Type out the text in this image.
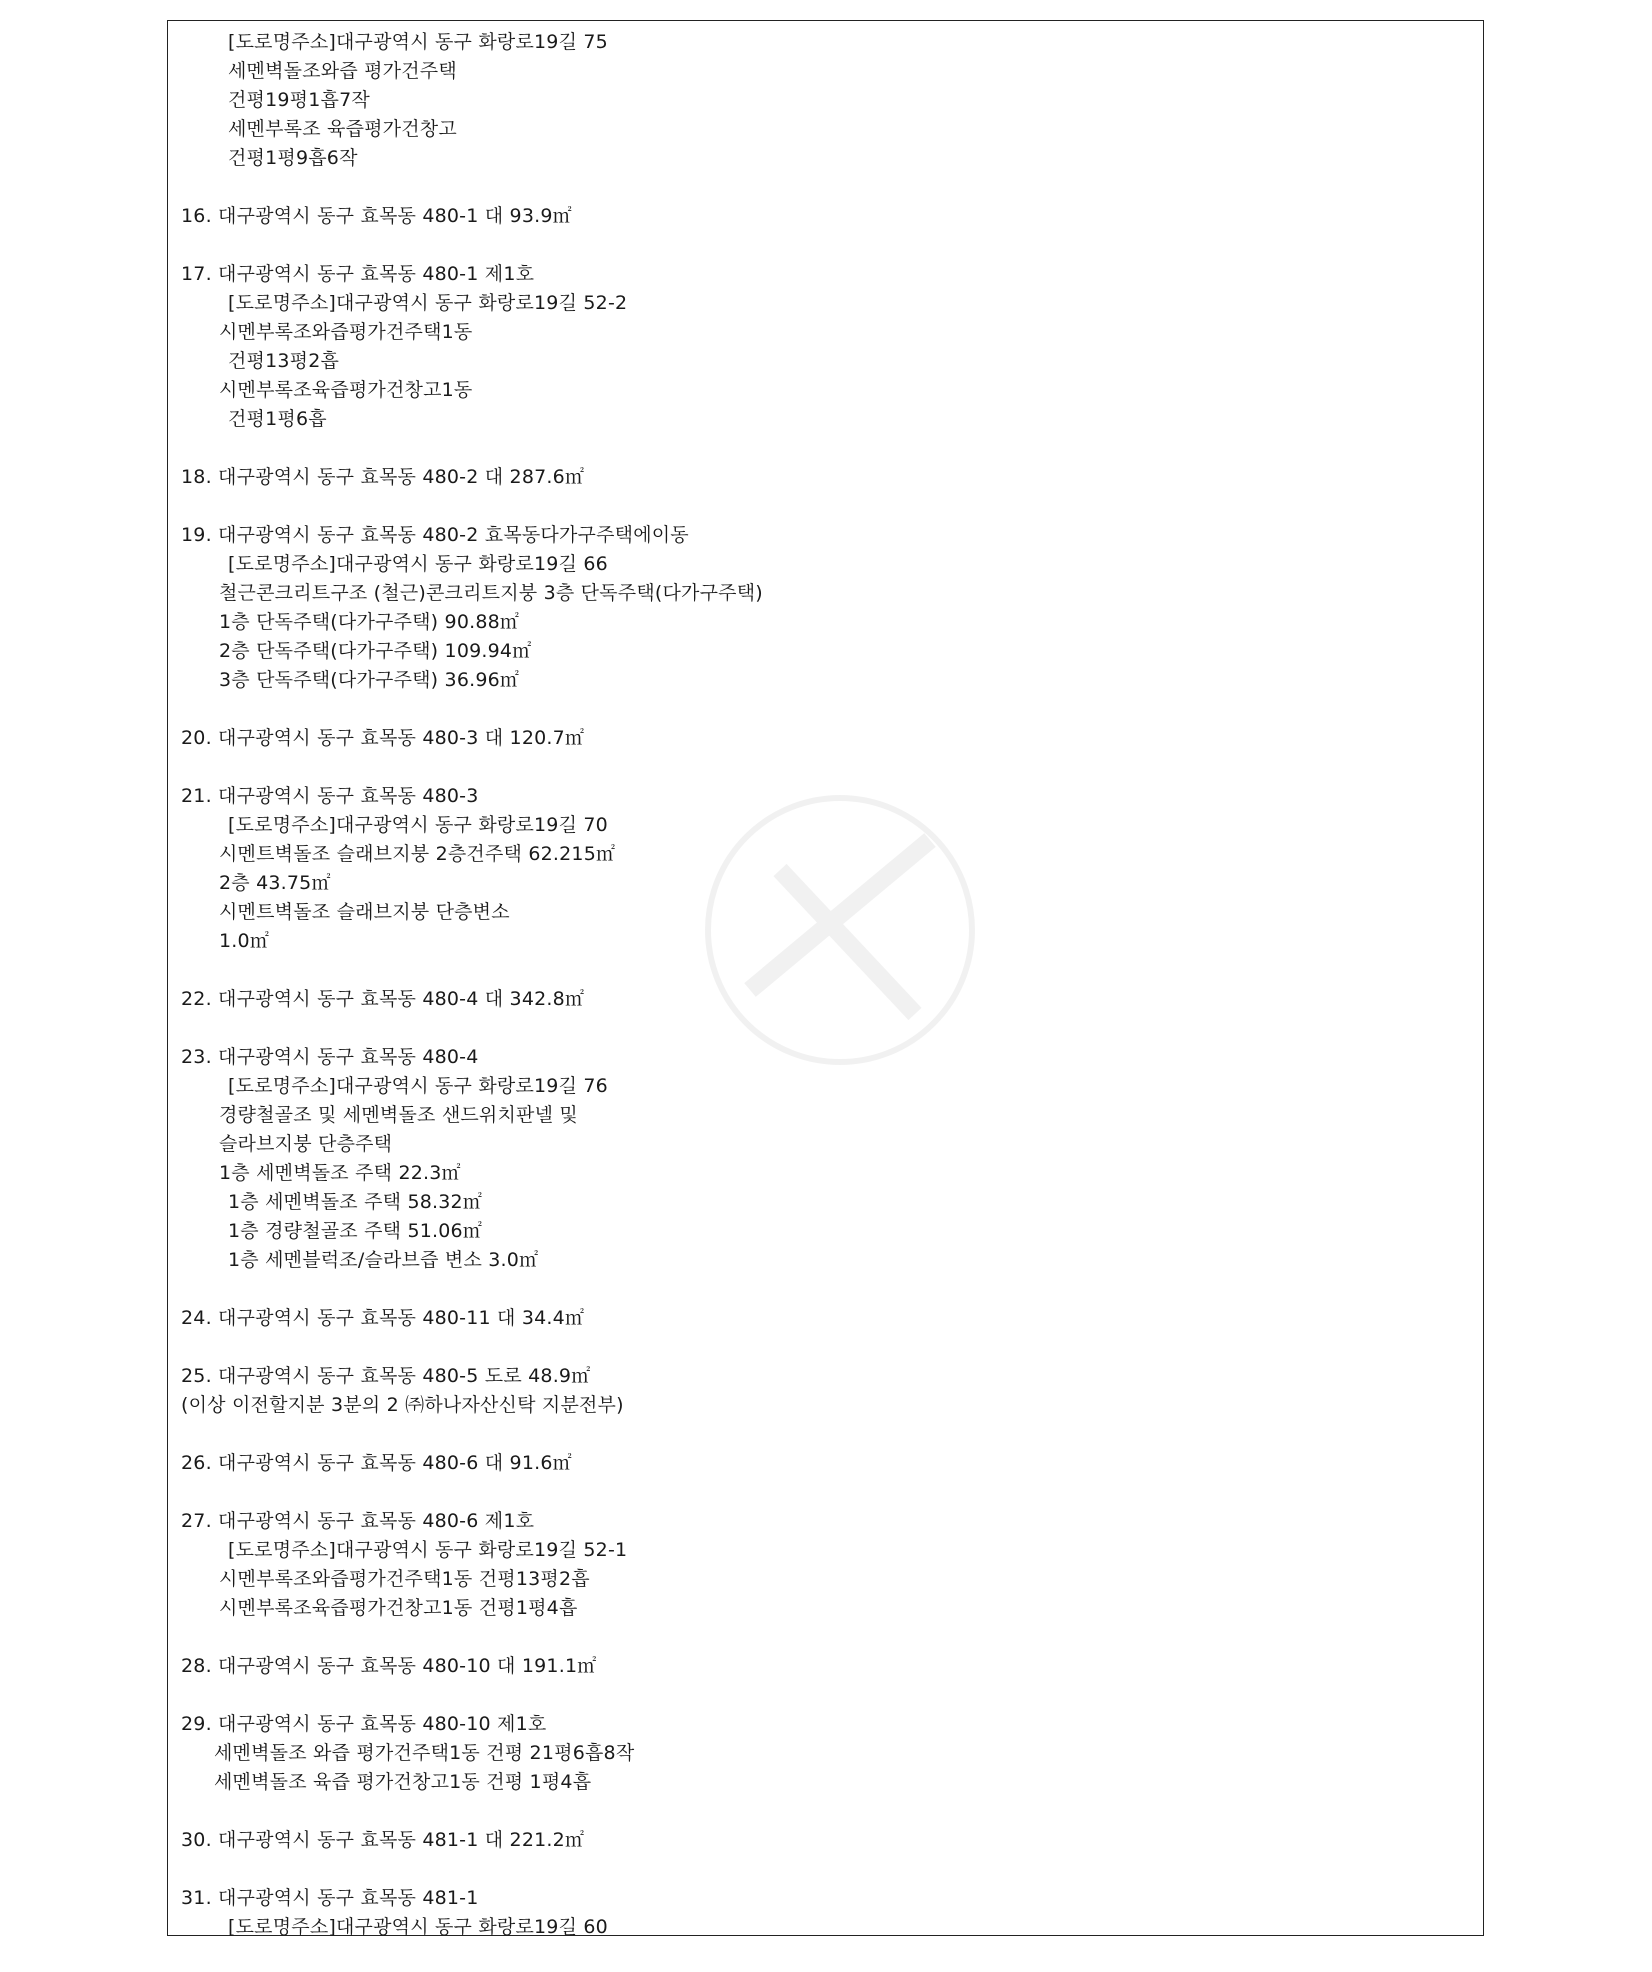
[도로명주소]대구광역시 동구 화랑로19길 75
세멘벽돌조와즙 평가건주택
건평19평1흡7작
세멘부록조 육즙평가건창고
건평1평9흡6작
16. 대구광역시 동구 효목동 480-1 대 93.9㎡
17. 대구광역시 동구 효목동 480-1 제1호
[도로명주소]대구광역시 동구 화랑로19길 52-2
시멘부록조와즙평가건주택1동
건평13평2흡
시멘부록조육즙평가건창고1동
건평1평6흡
18. 대구광역시 동구 효목동 480-2 대 287.6㎡
19. 대구광역시 동구 효목동 480-2 효목동다가구주택에이동
[도로명주소]대구광역시 동구 화랑로19길 66
철근콘크리트구조 (철근)콘크리트지붕 3층 단독주택(다가구주택)
1층 단독주택(다가구주택) 90.88㎡
2층 단독주택(다가구주택) 109.94㎡
3층 단독주택(다가구주택) 36.96㎡
20. 대구광역시 동구 효목동 480-3 대 120.7㎡
21. 대구광역시 동구 효목동 480-3
[도로명주소]대구광역시 동구 화랑로19길 70
시멘트벽돌조 슬래브지붕 2층건주택 62.215㎡
2층 43.75㎡
시멘트벽돌조 슬래브지붕 단층변소
1.0㎡
22. 대구광역시 동구 효목동 480-4 대 342.8㎡
23. 대구광역시 동구 효목동 480-4
[도로명주소]대구광역시 동구 화랑로19길 76
경량철골조 및 세멘벽돌조 샌드위치판넬 및
슬라브지붕 단층주택
1층 세멘벽돌조 주택 22.3㎡
1층 세멘벽돌조 주택 58.32㎡
1층 경량철골조 주택 51.06㎡
1층 세멘블럭조/슬라브즙 변소 3.0㎡
24. 대구광역시 동구 효목동 480-11 대 34.4㎡
25. 대구광역시 동구 효목동 480-5 도로 48.9㎡
(이상 이전할지분 3분의 2 ㈜하나자산신탁 지분전부)
26. 대구광역시 동구 효목동 480-6 대 91.6㎡
27. 대구광역시 동구 효목동 480-6 제1호
[도로명주소]대구광역시 동구 화랑로19길 52-1
시멘부록조와즙평가건주택1동 건평13평2흡
시멘부록조육즙평가건창고1동 건평1평4흡
28. 대구광역시 동구 효목동 480-10 대 191.1㎡
29. 대구광역시 동구 효목동 480-10 제1호
세멘벽돌조 와즙 평가건주택1동 건평 21평6흡8작
세멘벽돌조 육즙 평가건창고1동 건평 1평4흡
30. 대구광역시 동구 효목동 481-1 대 221.2㎡
31. 대구광역시 동구 효목동 481-1
[도로명주소]대구광역시 동구 화랑로19길 60
